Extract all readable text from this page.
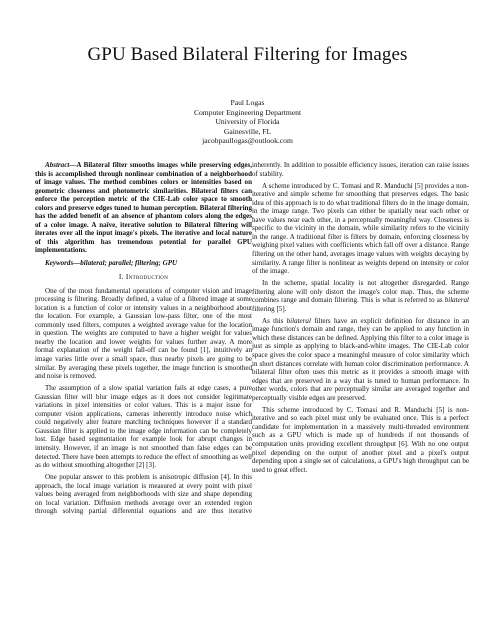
GPU Based Bilateral Filtering for Images
Paul Logas
Computer Engineering Department
University of Florida
Gainesville, FL
jacobpaullogas@outlook.com

Abstract—A Bilateral filter smooths images while preserving edges, this is accomplished through nonlinear combination of a neighborhood of image values. The method combines colors or intensities based on geometric closeness and photometric similarities. Bilateral filters can enforce the perception metric of the CIE-Lab color space to smooth colors and preserve edges tuned to human perception. Bilateral filtering has the added benefit of an absence of phantom colors along the edges of a color image. A naïve, iterative solution to Bilateral filtering will iterates over all the input image's pixels. The iterative and local nature of this algorithm has tremendous potential for parallel GPU implementations.

Keywords—bilateral; parallel; filtering; GPU

I. Introduction

One of the most fundamental operations of computer vision and image processing is filtering. Broadly defined, a value of a filtered image at some location is a function of color or intensity values in a neighborhood about the location. For example, a Gaussian low-pass filter, one of the most commonly used filters, computes a weighted average value for the location in question. The weights are computed to have a higher weight for values nearby the location and lower weights for values further away. A more formal explanation of the weight fall-off can be found [1], intuitively an image varies little over a small space, thus nearby pixels are going to be similar. By averaging these pixels together, the image function is smoothed and noise is removed.

The assumption of a slow spatial variation fails at edge cases, a pure Gaussian filter will blur image edges as it does not consider legitimate variations in pixel intensities or color values. This is a major issue for computer vision applications, cameras inherently introduce noise which could negatively alter feature matching techniques however if a standard Gaussian filter is applied to the image edge information can be completely lost. Edge based segmentation for example look for abrupt changes in intensity. However, if an image is not smoothed than false edges can be detected. There have been attempts to reduce the effect of smoothing as well as do without smoothing altogether [2] [3].

One popular answer to this problem is anisotropic diffusion [4]. In this approach, the local image variation is measured at every point with pixel values being averaged from neighborhoods with size and shape depending on local variation. Diffusion methods average over an extended region through solving partial differential equations and are thus iterative

inherently. In addition to possible efficiency issues, iteration can raise issues of stability.

A scheme introduced by C. Tomasi and R. Manduchi [5] provides a non-iterative and simple scheme for smoothing that preserves edges. The basic idea of this approach is to do what traditional filters do in the image domain, in the image range. Two pixels can either be spatially near each other or have values near each other, in a perceptually meaningful way. Closeness is specific to the vicinity in the domain, while similarity refers to the vicinity in the range. A traditional filter is filters by domain, enforcing closeness by weighing pixel values with coefficients which fall off over a distance. Range filtering on the other hand, averages image values with weights decaying by similarity. A range filter is nonlinear as weights depend on intensity or color of the image.

In the scheme, spatial locality is not altogether disregarded. Range filtering alone will only distort the image's color map. Thus, the scheme combines range and domain filtering. This is what is referred to as bilateral filtering [5].

As this bilateral filters have an explicit definition for distance in an image function's domain and range, they can be applied to any function in which these distances can be defined. Applying this filter to a color image is just as simple as applying to black-and-white images. The CIE-Lab color space gives the color space a meaningful measure of color similarity which in short distances correlate with human color discrimination performance. A bilateral filter often uses this metric as it provides a smooth image with edges that are preserved in a way that is tuned to human performance. In other words, colors that are perceptually similar are averaged together and perceptually visible edges are preserved.

This scheme introduced by C. Tomasi and R. Manduchi [5] is non-iterative and so each pixel must only be evaluated once. This is a perfect candidate for implementation in a massively multi-threaded environment such as a GPU which is made up of hundreds if not thousands of computation units providing excellent throughput [6]. With no one output pixel depending on the output of another pixel and a pixel's output depending upon a single set of calculations, a GPU's high throughput can be used to great effect.
